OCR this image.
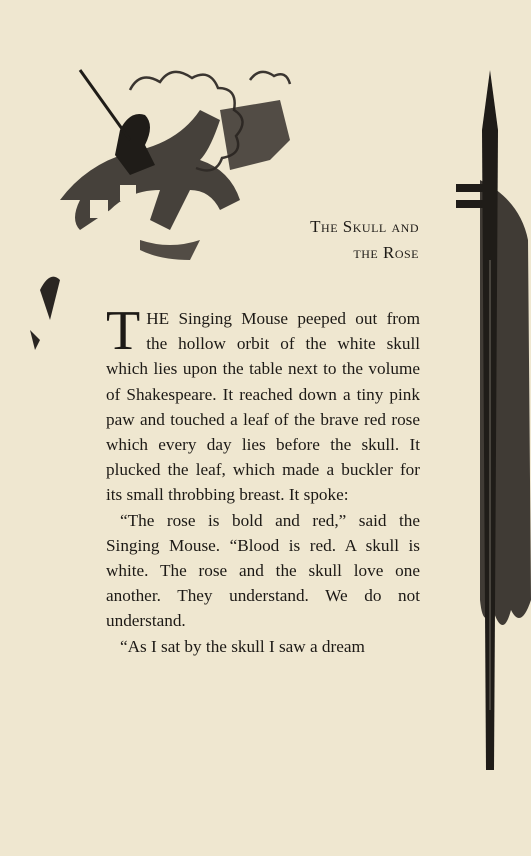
The Skull and
the Rose

THE Singing Mouse peeped out from the hollow orbit of the white skull which lies upon the table next to the volume of Shakespeare. It reached down a tiny pink paw and touched a leaf of the brave red rose which every day lies before the skull. It plucked the leaf, which made a buckler for its small throbbing breast. It spoke:

“The rose is bold and red,” said the Singing Mouse. “Blood is red. A skull is white. The rose and the skull love one another. They understand. We do not understand.

“As I sat by the skull I saw a dream
